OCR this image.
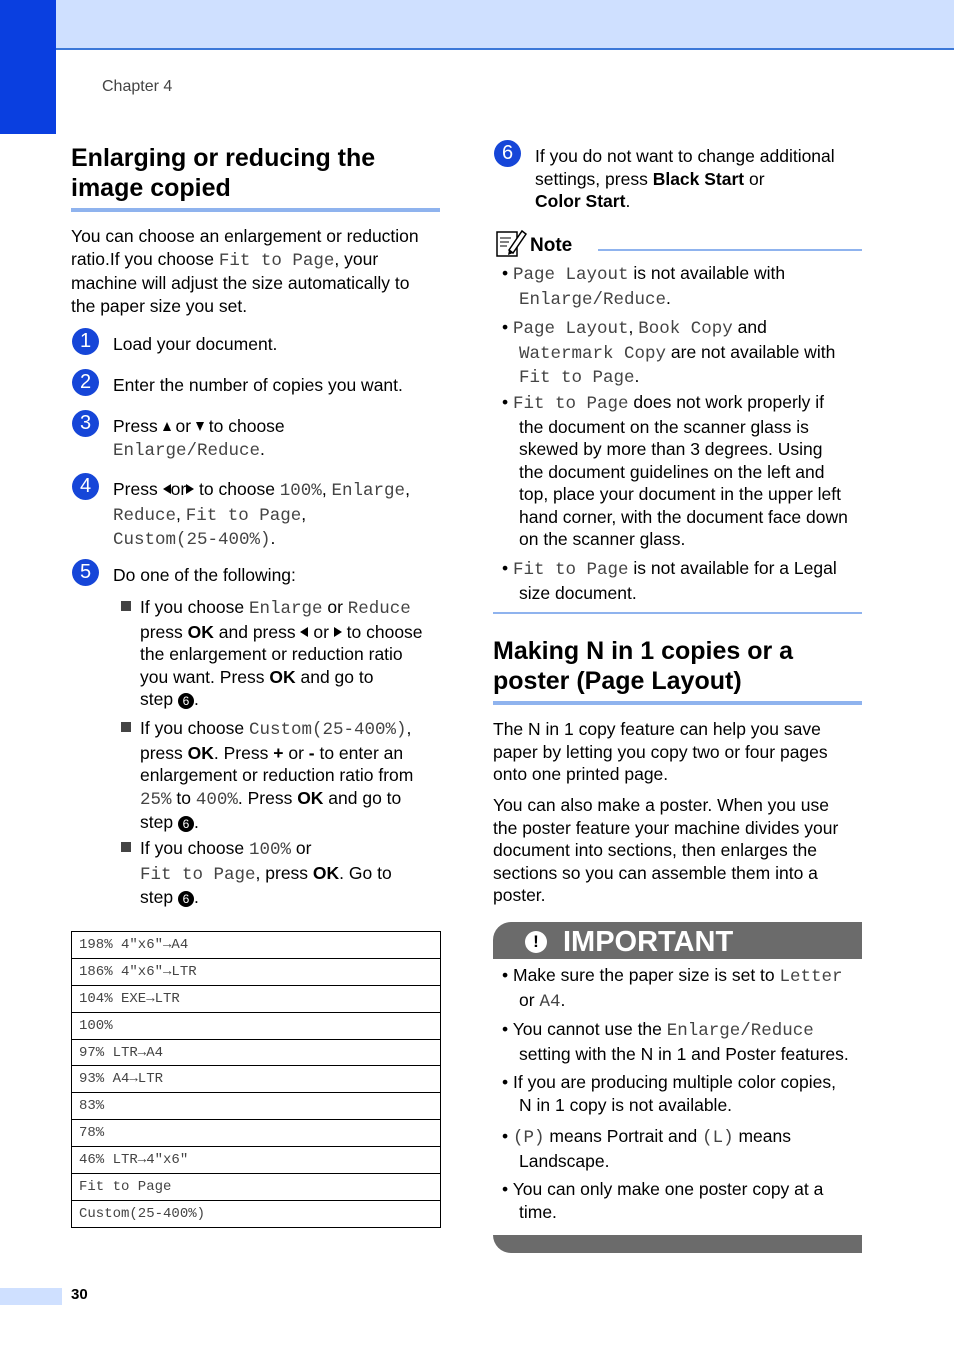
Chapter 4
Enlarging or reducing the
image copied
You can choose an enlargement or reduction
ratio.If you choose Fit to Page, your
machine will adjust the size automatically to
the paper size you set.
1	Load your document.
2	Enter the number of copies you want.
3	Press  or  to choose
Enlarge/Reduce.
4	Press or to choose 100%, Enlarge,
Reduce, Fit to Page,
Custom(25-400%).
5	Do one of the following:
If you choose Enlarge or Reduce
press OK and press  or  to choose
the enlargement or reduction ratio
you want. Press OK and go to
step 6 .
If you choose Custom(25-400%),
press OK. Press + or - to enter an
enlargement or reduction ratio from
25% to 400%. Press OK and go to
step 6 .
If you choose 100% or
Fit to Page, press OK. Go to
step 6 .
198% 4"x6"→A4
186% 4"x6"→LTR
104% EXE→LTR
100%
97% LTR→A4
93% A4→LTR
83%
78%
46% LTR→4"x6"
Fit to Page
Custom(25-400%)
6	If you do not want to change additional
settings, press Black Start or
Color Start.
Note
• Page Layout is not available with
Enlarge/Reduce.
• Page Layout, Book Copy and
Watermark Copy are not available with
Fit to Page.
• Fit to Page does not work properly if
the document on the scanner glass is
skewed by more than 3 degrees. Using
the document guidelines on the left and
top, place your document in the upper left
hand corner, with the document face down
on the scanner glass.
• Fit to Page is not available for a Legal
size document.
Making N in 1 copies or a
poster (Page Layout)
The N in 1 copy feature can help you save
paper by letting you copy two or four pages
onto one printed page.
You can also make a poster. When you use
the poster feature your machine divides your
document into sections, then enlarges the
sections so you can assemble them into a
poster.
! IMPORTANT
• Make sure the paper size is set to Letter
or A4.
• You cannot use the Enlarge/Reduce
setting with the N in 1 and Poster features.
• If you are producing multiple color copies,
N in 1 copy is not available.
• (P) means Portrait and (L) means
Landscape.
• You can only make one poster copy at a
time.
30
